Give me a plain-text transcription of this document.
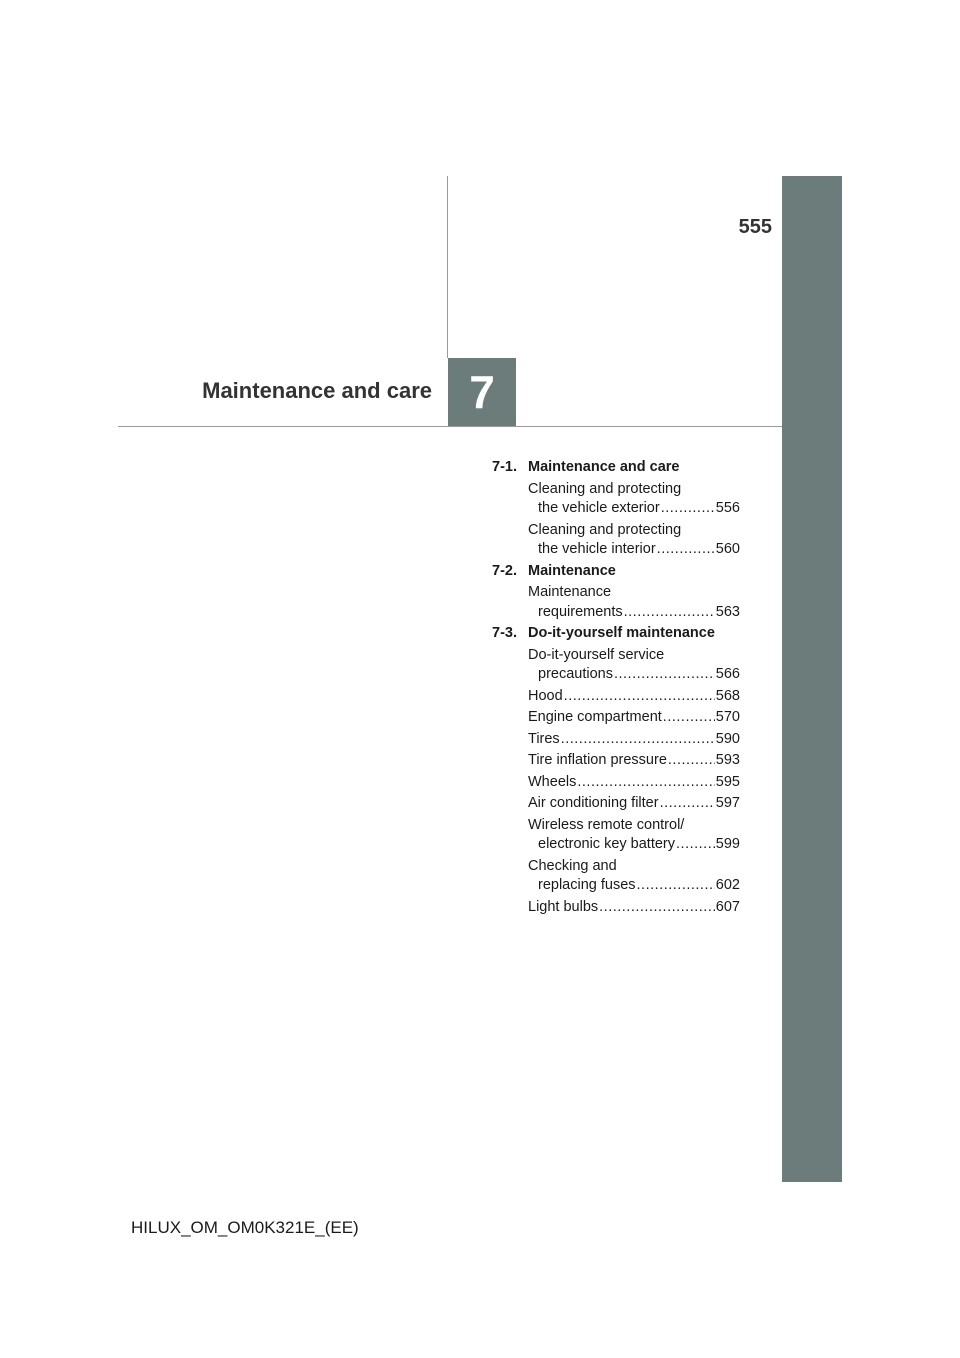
555
Maintenance and care 7
7-1. Maintenance and care
Cleaning and protecting
the vehicle exterior .....	556
Cleaning and protecting
the vehicle interior .....	560
7-2. Maintenance
Maintenance
requirements .....	563
7-3. Do-it-yourself maintenance
Do-it-yourself service
precautions .....	566
Hood .....	568
Engine compartment .....	570
Tires .....	590
Tire inflation pressure .....	593
Wheels .....	595
Air conditioning filter .....	597
Wireless remote control/
electronic key battery .....	599
Checking and
replacing fuses .....	602
Light bulbs .....	607
HILUX_OM_OM0K321E_(EE)
